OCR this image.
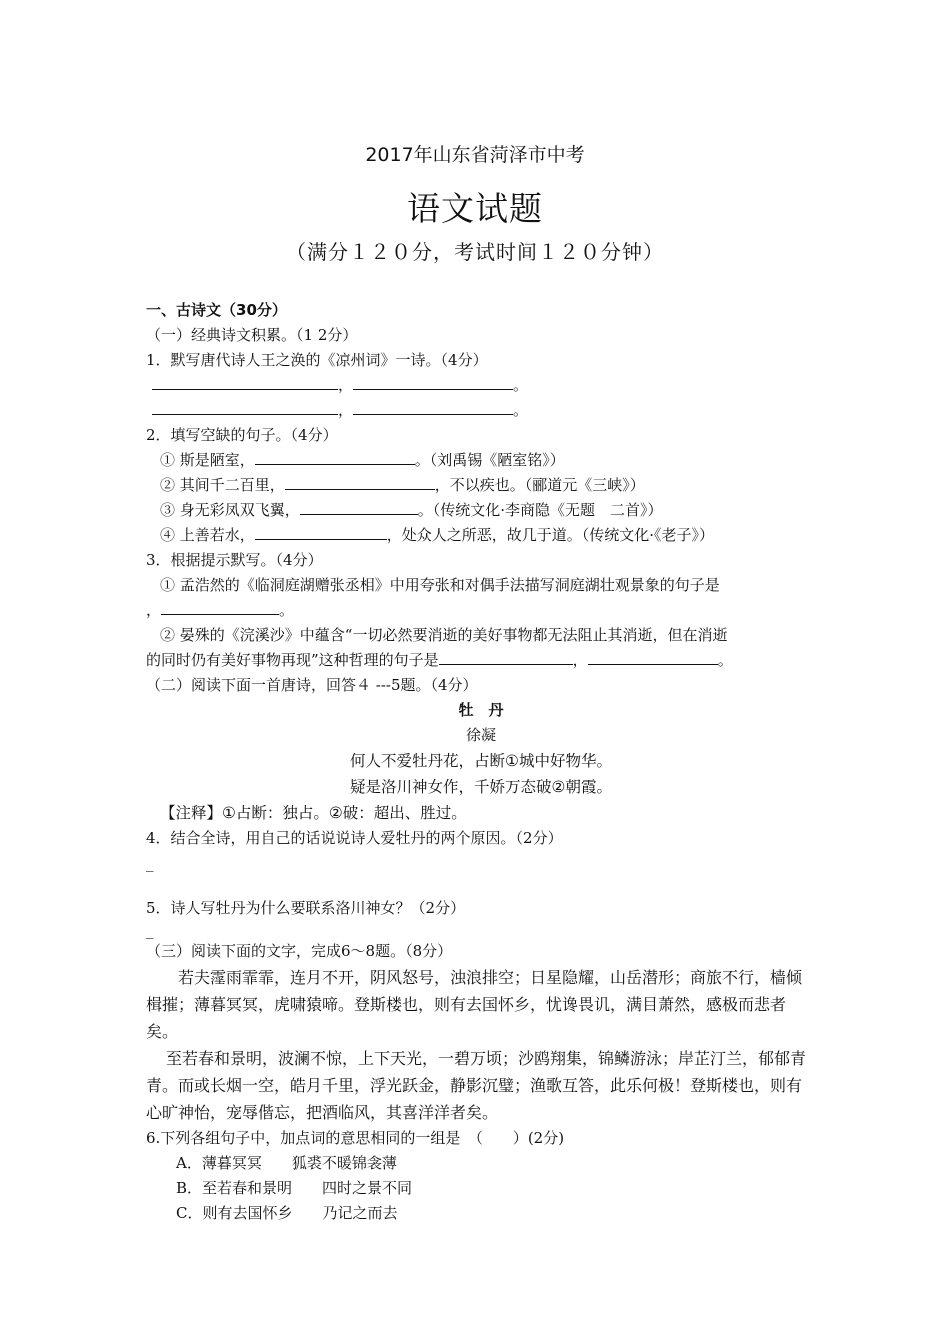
2017年山东省菏泽市中考
语文试题
（满分１２０分，考试时间１２０分钟）
一、古诗文（30分）
（一）经典诗文积累。（1 2分）
1．默写唐代诗人王之涣的《凉州词》一诗。（4分）
，	。
，	。
2．填写空缺的句子。（4分）
① 斯是陋室，	。（刘禹锡《陋室铭》）
② 其间千二百里，	，不以疾也。（郦道元《三峡》）
③ 身无彩凤双飞翼，	。（传统文化·李商隐《无题　二首》）
④ 上善若水，	，处众人之所恶，故几于道。（传统文化·《老子》）
3．根据提示默写。（4分）
① 孟浩然的《临洞庭湖赠张丞相》中用夸张和对偶手法描写洞庭湖壮观景象的句子是
，	。
② 晏殊的《浣溪沙》中蕴含“一切必然要消逝的美好事物都无法阻止其消逝，但在消逝
的同时仍有美好事物再现”这种哲理的句子是	，	。
（二）阅读下面一首唐诗，回答４ ---5题。（4分）
牡　丹
徐凝
何人不爱牡丹花，占断①城中好物华。
疑是洛川神女作，千娇万态破②朝霞。
【注释】①占断：独占。②破：超出、胜过。
4．结合全诗，用自己的话说说诗人爱牡丹的两个原因。（2分）
_
5．诗人写牡丹为什么要联系洛川神女？（2分）
_
（三）阅读下面的文字，完成6～8题。（8分）
若夫霪雨霏霏，连月不开，阴风怒号，浊浪排空；日星隐耀，山岳潜形；商旅不行，樯倾楫摧；薄暮冥冥，虎啸猿啼。登斯楼也，则有去国怀乡，忧谗畏讥，满目萧然，感极而悲者矣。
至若春和景明，波澜不惊，上下天光，一碧万顷；沙鸥翔集，锦鳞游泳；岸芷汀兰，郁郁青青。而或长烟一空，皓月千里，浮光跃金，静影沉璧；渔歌互答，此乐何极！登斯楼也，则有心旷神怡，宠辱偕忘，把酒临风，其喜洋洋者矣。
6.下列各组句子中，加点词的意思相同的一组是　（　　）(2分)
A．薄暮冥冥　　狐裘不暖锦衾薄
B．至若春和景明　　四时之景不同
C．则有去国怀乡　　乃记之而去
